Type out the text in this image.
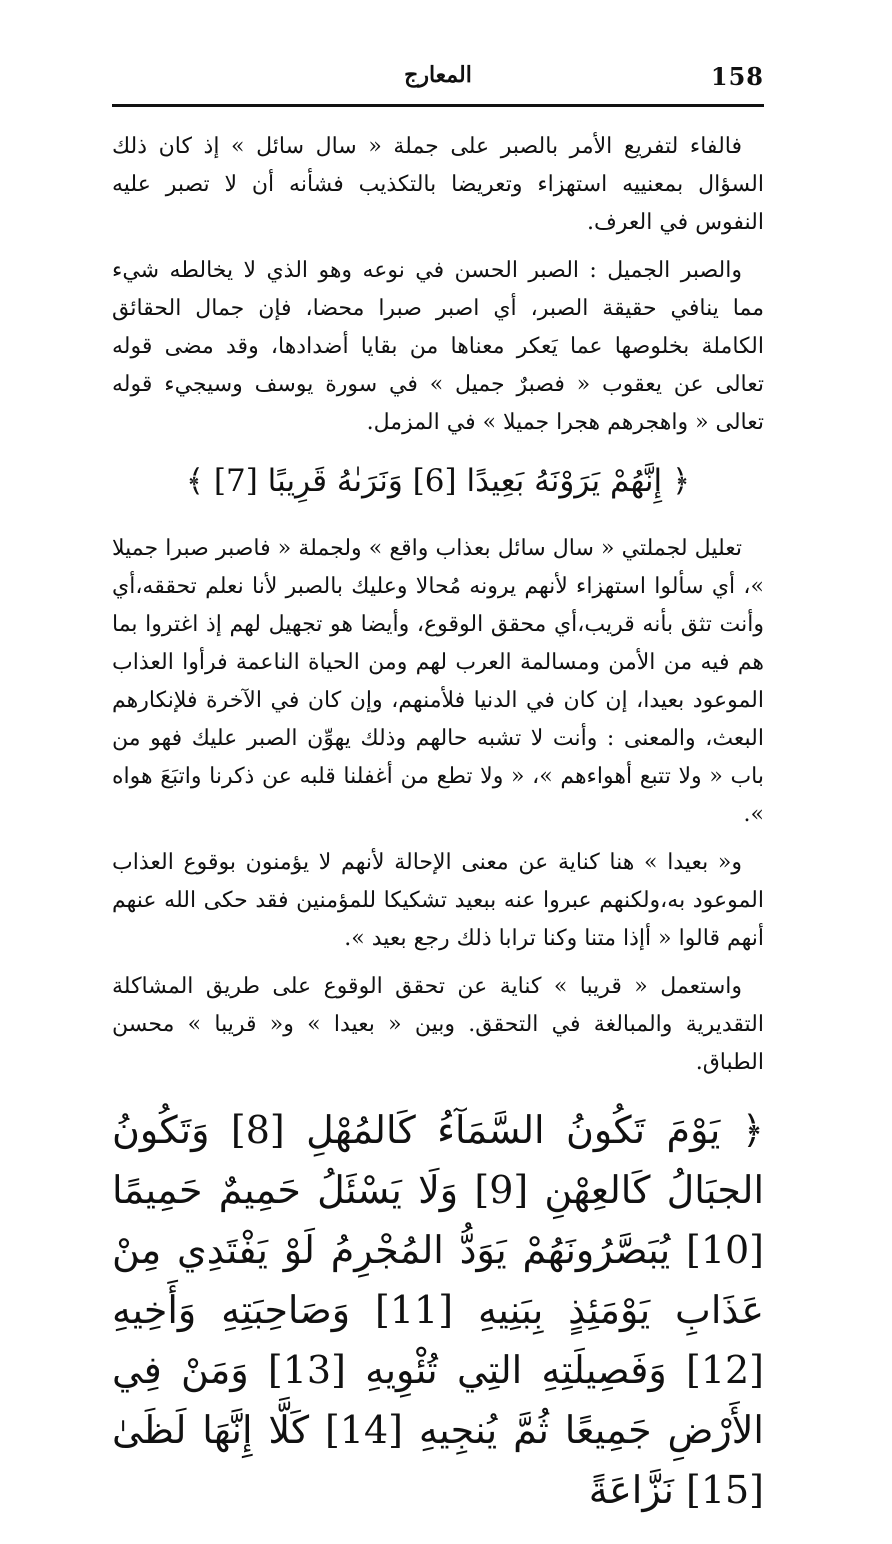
158
المعارج

فالفاء لتفريع الأمر بالصبر على جملة « سال سائل » إذ كان ذلك السؤال بمعنييه استهزاء وتعريضا بالتكذيب فشأنه أن لا تصبر عليه النفوس في العرف.

والصبر الجميل : الصبر الحسن في نوعه وهو الذي لا يخالطه شيء مما ينافي حقيقة الصبر، أي اصبر صبرا محضا، فإن جمال الحقائق الكاملة بخلوصها عما يَعكر معناها من بقايا أضدادها، وقد مضى قوله تعالى عن يعقوب « فصبرٌ جميل » في سورة يوسف وسيجيء قوله تعالى « واهجرهم هجرا جميلا » في المزمل.

﴿ إِنَّهُمْ يَرَوْنَهُ بَعِيدًا [6] وَنَرَىٰهُ قَرِيبًا [7] ﴾

تعليل لجملتي « سال سائل بعذاب واقع » ولجملة « فاصبر صبرا جميلا »، أي سألوا استهزاء لأنهم يرونه مُحالا وعليك بالصبر لأنا نعلم تحققه،أي وأنت تثق بأنه قريب،أي محقق الوقوع، وأيضا هو تجهيل لهم إذ اغتروا بما هم فيه من الأمن ومسالمة العرب لهم ومن الحياة الناعمة فرأوا العذاب الموعود بعيدا، إن كان في الدنيا فلأمنهم، وإن كان في الآخرة فلإنكارهم البعث، والمعنى : وأنت لا تشبه حالهم وذلك يهوِّن الصبر عليك فهو من باب « ولا تتبع أهواءهم »، « ولا تطع من أغفلنا قلبه عن ذكرنا واتبَعَ هواه ».

و« بعيدا » هنا كناية عن معنى الإحالة لأنهم لا يؤمنون بوقوع العذاب الموعود به،ولكنهم عبروا عنه ببعيد تشكيكا للمؤمنين فقد حكى الله عنهم أنهم قالوا « أإذا متنا وكنا ترابا ذلك رجع بعيد ».

واستعمل « قريبا » كناية عن تحقق الوقوع على طريق المشاكلة التقديرية والمبالغة في التحقق. وبين « بعيدا » و« قريبا » محسن الطباق.

﴿ يَوْمَ تَكُونُ السَّمَآءُ كَالمُهْلِ [8] وَتَكُونُ الجبَالُ كَالعِهْنِ [9] وَلَا يَسْئَلُ حَمِيمٌ حَمِيمًا [10] يُبَصَّرُونَهُمْ يَوَدُّ المُجْرِمُ لَوْ يَفْتَدِي مِنْ عَذَابِ يَوْمَئِذٍ بِبَنِيهِ [11] وَصَاحِبَتِهِ وَأَخِيهِ [12] وَفَصِيلَتِهِ التِي تُئْوِيهِ [13] وَمَنْ فِي الأَرْضِ جَمِيعًا ثُمَّ يُنجِيهِ [14] كَلَّا إِنَّهَا لَظَىٰ [15] نَزَّاعَةً
